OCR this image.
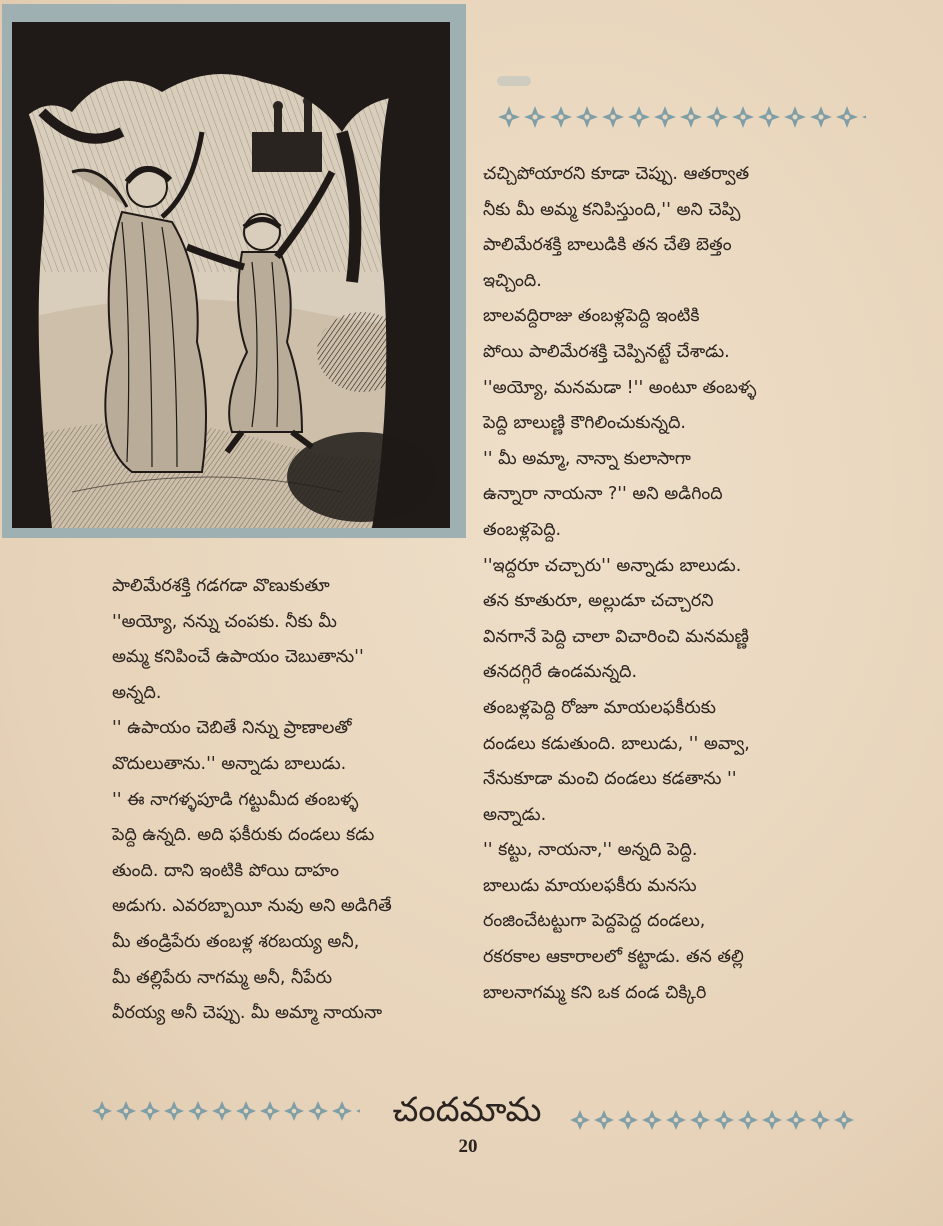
పాలిమేరశక్తి గడగడా వొణుకుతూ

''అయ్యో, నన్ను చంపకు. నీకు మీ

అమ్మ కనిపించే ఉపాయం చెబుతాను''

అన్నది.

'' ఉపాయం చెబితే నిన్ను ప్రాణాలతో

వొదులుతాను.'' అన్నాడు బాలుడు.

'' ఈ నాగళ్ళపూడి గట్టుమీద తంబళ్ళ

పెద్ది ఉన్నది. అది ఫకీరుకు దండలు కడు

తుంది. దాని ఇంటికి పోయి దాహం

అడుగు. ఎవరబ్బాయీ నువు అని అడిగితే

మీ తండ్రిపేరు తంబళ్ల శరబయ్య అనీ,

మీ తల్లిపేరు నాగమ్మ అనీ, నీపేరు

వీరయ్య అనీ చెప్పు. మీ అమ్మా నాయనా

చచ్చిపోయారని కూడా చెప్పు. ఆతర్వాత

నీకు మీ అమ్మ కనిపిస్తుంది,'' అని చెప్పి

పాలిమేరశక్తి బాలుడికి తన చేతి బెత్తం

ఇచ్చింది.

బాలవద్దిరాజు తంబళ్లపెద్ది ఇంటికి

పోయి పాలిమేరశక్తి చెప్పినట్టే చేశాడు.

''అయ్యో, మనమడా !'' అంటూ తంబళ్ళ

పెద్ది బాలుణ్ణి కౌగిలించుకున్నది.

'' మీ అమ్మా, నాన్నా కులాసాగా

ఉన్నారా నాయనా ?'' అని అడిగింది

తంబళ్లపెద్ది.

''ఇద్దరూ చచ్చారు'' అన్నాడు బాలుడు.

తన కూతురూ, అల్లుడూ చచ్చారని

వినగానే పెద్ది చాలా విచారించి మనమణ్ణి

తనదగ్గిరే ఉండమన్నది.

తంబళ్లపెద్ది రోజూ మాయలఫకీరుకు

దండలు కడుతుంది. బాలుడు, '' అవ్వా,

నేనుకూడా మంచి దండలు కడతాను ''

అన్నాడు.

'' కట్టు, నాయనా,'' అన్నది పెద్ది.

బాలుడు మాయలఫకీరు మనసు

రంజించేటట్టుగా పెద్దపెద్ద దండలు,

రకరకాల ఆకారాలలో కట్టాడు. తన తల్లి

బాలనాగమ్మ కని ఒక దండ చిక్కిరి

చందమామ
20
